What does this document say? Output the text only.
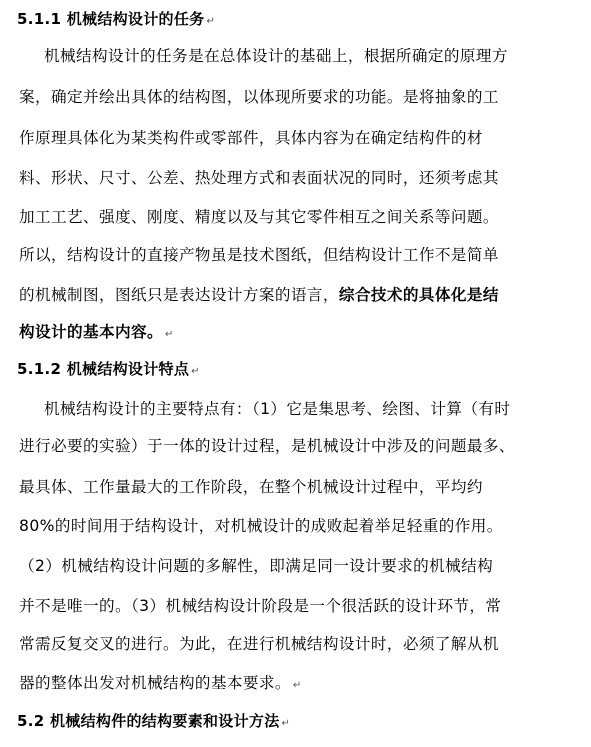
5.1.1 机械结构设计的任务 ↵
机械结构设计的任务是在总体设计的基础上，根据所确定的原理方
案，确定并绘出具体的结构图，以体现所要求的功能。是将抽象的工
作原理具体化为某类构件或零部件，具体内容为在确定结构件的材
料、形状、尺寸、公差、热处理方式和表面状况的同时，还须考虑其
加工工艺、强度、刚度、精度以及与其它零件相互之间关系等问题。
所以，结构设计的直接产物虽是技术图纸，但结构设计工作不是简单
的机械制图，图纸只是表达设计方案的语言，综合技术的具体化是结
构设计的基本内容。 ↵
5.1.2 机械结构设计特点 ↵
机械结构设计的主要特点有：（1）它是集思考、绘图、计算（有时
进行必要的实验）于一体的设计过程，是机械设计中涉及的问题最多、
最具体、工作量最大的工作阶段，在整个机械设计过程中，平均约
80%的时间用于结构设计，对机械设计的成败起着举足轻重的作用。
（2）机械结构设计问题的多解性，即满足同一设计要求的机械结构
并不是唯一的。（3）机械结构设计阶段是一个很活跃的设计环节，常
常需反复交叉的进行。为此，在进行机械结构设计时，必须了解从机
器的整体出发对机械结构的基本要求。 ↵
5.2 机械结构件的结构要素和设计方法 ↵
